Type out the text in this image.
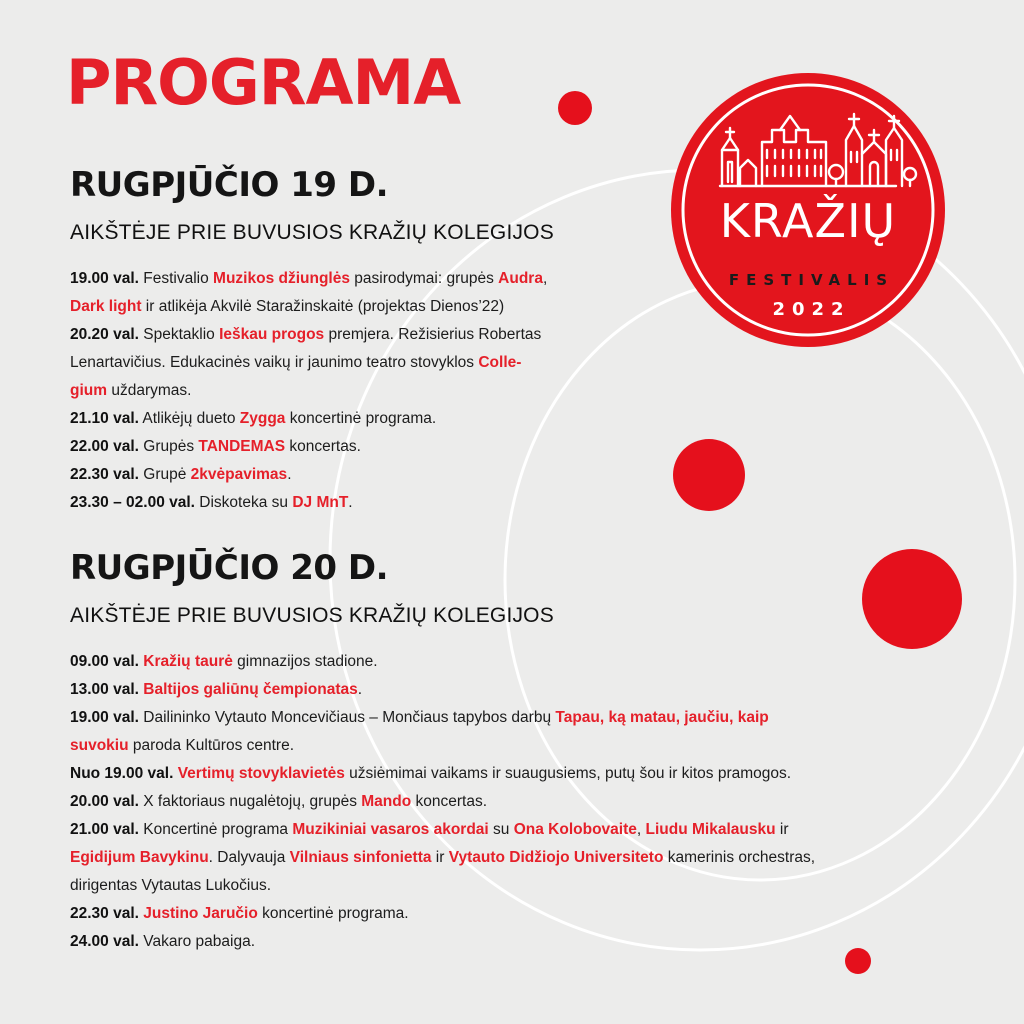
PROGRAMA
KRAŽIŲ
FESTIVALIS
2022
RUGPJŪČIO 19 D.
AIKŠTĖJE PRIE BUVUSIOS KRAŽIŲ KOLEGIJOS
19.00 val. Festivalio Muzikos džiunglės pasirodymai: grupės Audra,
Dark light ir atlikėja Akvilė Staražinskaitė (projektas Dienos’22)
20.20 val. Spektaklio Ieškau progos premjera. Režisierius Robertas
Lenartavičius. Edukacinės vaikų ir jaunimo teatro stovyklos Colle-
gium uždarymas.
21.10 val. Atlikėjų dueto Zygga koncertinė programa.
22.00 val. Grupės TANDEMAS koncertas.
22.30 val. Grupė 2kvėpavimas.
23.30 – 02.00 val. Diskoteka su DJ MnT.
RUGPJŪČIO 20 D.
AIKŠTĖJE PRIE BUVUSIOS KRAŽIŲ KOLEGIJOS
09.00 val. Kražių taurė gimnazijos stadione.
13.00 val. Baltijos galiūnų čempionatas.
19.00 val. Dailininko Vytauto Moncevičiaus – Mončiaus tapybos darbų Tapau, ką matau, jaučiu, kaip
suvokiu paroda Kultūros centre.
Nuo 19.00 val. Vertimų stovyklavietės užsiėmimai vaikams ir suaugusiems, putų šou ir kitos pramogos.
20.00 val. X faktoriaus nugalėtojų, grupės Mando koncertas.
21.00 val. Koncertinė programa Muzikiniai vasaros akordai su Ona Kolobovaite, Liudu Mikalausku ir
Egidijum Bavykinu. Dalyvauja Vilniaus sinfonietta ir Vytauto Didžiojo Universiteto kamerinis orchestras,
dirigentas Vytautas Lukočius.
22.30 val. Justino Jaručio koncertinė programa.
24.00 val. Vakaro pabaiga.
